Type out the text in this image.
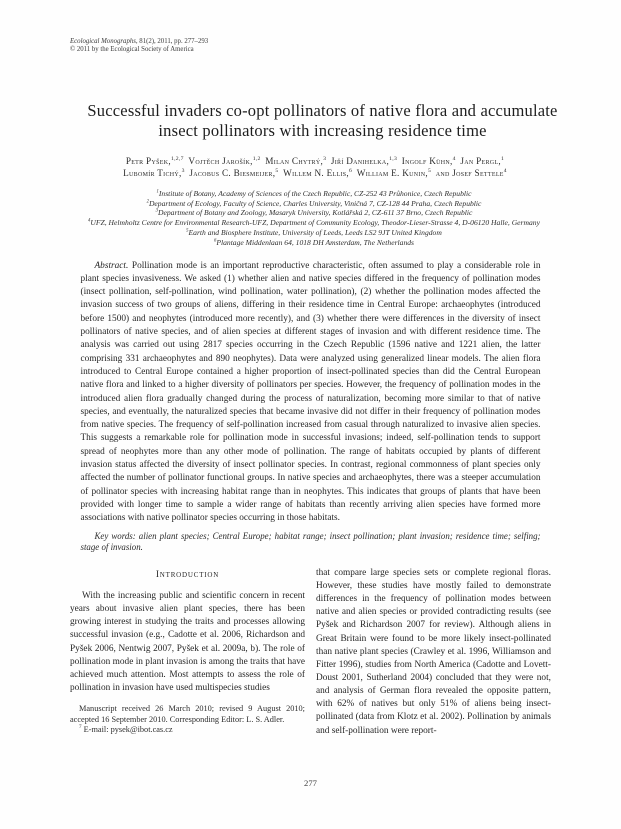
Ecological Monographs, 81(2), 2011, pp. 277–293
© 2011 by the Ecological Society of America
Successful invaders co-opt pollinators of native flora and accumulate insect pollinators with increasing residence time
Petr Pyšek,$^{1,2,7}$ Vojtěch Jarošík,$^{1,2}$ Milan Chytrý,$^3$ Jiří Danihelka,$^{1,3}$ Ingolf Kühn,$^4$ Jan Pergl,$^1$
Lubomír Tichý,$^3$ Jacobus C. Biesmeijer,$^5$ Willem N. Ellis,$^6$ William E. Kunin,$^5$ and Josef Settele$^4$
$^1$Institute of Botany, Academy of Sciences of the Czech Republic, CZ-252 43 Průhonice, Czech Republic
$^2$Department of Ecology, Faculty of Science, Charles University, Viničná 7, CZ-128 44 Praha, Czech Republic
$^3$Department of Botany and Zoology, Masaryk University, Kotlářská 2, CZ-611 37 Brno, Czech Republic
$^4$UFZ, Helmholtz Centre for Environmental Research-UFZ, Department of Community Ecology, Theodor-Lieser-Strasse 4, D-06120 Halle, Germany
$^5$Earth and Biosphere Institute, University of Leeds, Leeds LS2 9JT United Kingdom
$^6$Plantage Middenlaan 64, 1018 DH Amsterdam, The Netherlands

Abstract. Pollination mode is an important reproductive characteristic, often assumed to play a considerable role in plant species invasiveness. We asked (1) whether alien and native species differed in the frequency of pollination modes (insect pollination, self-pollination, wind pollination, water pollination), (2) whether the pollination modes affected the invasion success of two groups of aliens, differing in their residence time in Central Europe: archaeophytes (introduced before 1500) and neophytes (introduced more recently), and (3) whether there were differences in the diversity of insect pollinators of native species, and of alien species at different stages of invasion and with different residence time. The analysis was carried out using 2817 species occurring in the Czech Republic (1596 native and 1221 alien, the latter comprising 331 archaeophytes and 890 neophytes). Data were analyzed using generalized linear models. The alien flora introduced to Central Europe contained a higher proportion of insect-pollinated species than did the Central European native flora and linked to a higher diversity of pollinators per species. However, the frequency of pollination modes in the introduced alien flora gradually changed during the process of naturalization, becoming more similar to that of native species, and eventually, the naturalized species that became invasive did not differ in their frequency of pollination modes from native species. The frequency of self-pollination increased from casual through naturalized to invasive alien species. This suggests a remarkable role for pollination mode in successful invasions; indeed, self-pollination tends to support spread of neophytes more than any other mode of pollination. The range of habitats occupied by plants of different invasion status affected the diversity of insect pollinator species. In contrast, regional commonness of plant species only affected the number of pollinator functional groups. In native species and archaeophytes, there was a steeper accumulation of pollinator species with increasing habitat range than in neophytes. This indicates that groups of plants that have been provided with longer time to sample a wider range of habitats than recently arriving alien species have formed more associations with native pollinator species occurring in those habitats.

Key words: alien plant species; Central Europe; habitat range; insect pollination; plant invasion; residence time; selfing; stage of invasion.

Introduction

With the increasing public and scientific concern in recent years about invasive alien plant species, there has been growing interest in studying the traits and processes allowing successful invasion (e.g., Cadotte et al. 2006, Richardson and Pyšek 2006, Nentwig 2007, Pyšek et al. 2009a, b). The role of pollination mode in plant invasion is among the traits that have achieved much attention. Most attempts to assess the role of pollination in invasion have used multispecies studies

Manuscript received 26 March 2010; revised 9 August 2010; accepted 16 September 2010. Corresponding Editor: L. S. Adler.

$^7$ E-mail: pysek@ibot.cas.cz

that compare large species sets or complete regional floras. However, these studies have mostly failed to demonstrate differences in the frequency of pollination modes between native and alien species or provided contradicting results (see Pyšek and Richardson 2007 for review). Although aliens in Great Britain were found to be more likely insect-pollinated than native plant species (Crawley et al. 1996, Williamson and Fitter 1996), studies from North America (Cadotte and Lovett-Doust 2001, Sutherland 2004) concluded that they were not, and analysis of German flora revealed the opposite pattern, with 62% of natives but only 51% of aliens being insect-pollinated (data from Klotz et al. 2002). Pollination by animals and self-pollination were report-

277
